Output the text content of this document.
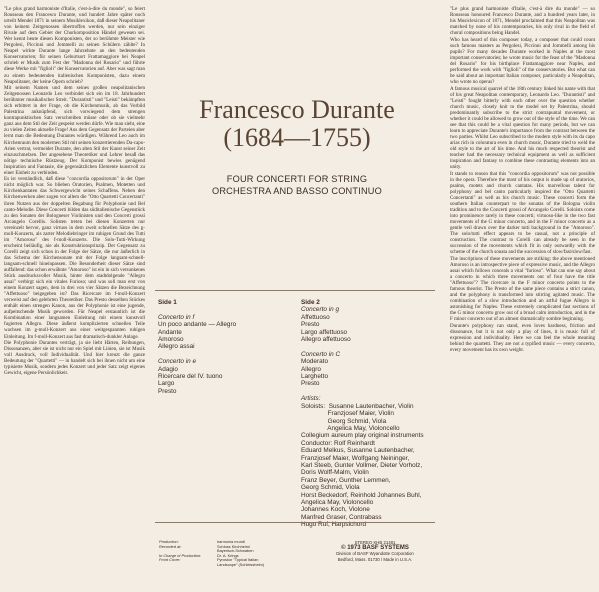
"Le plus grand harmoniste d'Italie, c'est-à-dire du monde", so feiert Rousseau den Francesco Durante, und hundert Jahre später noch urteilt Mendel 1871 in seinem Musiklexikon, daß dieser Neapolitaner von keinem Zeitgenossen übertroffen werden, nur sein einziger Rivale auf dem Gebiet der Chorkomposition Händel gewesen sei. Wer kennt heute diesen Komponisten, der so berühmte Meister wie Pergolesi, Piccinni und Jommelli zu seinen Schülern zählte? In Neapel wirkte Durante lange Jahrzehnte an den bedeutenden Konservatorien; für seinen Geburtsort Frattamaggiore bei Neapel schrieb er Musik zum Fest der "Madonna del Rosario" und führte diese Werke mit "figlioli" der Konservatorien auf. Aber was sagt man zu einem bedeutenden italienischen Komponisten, dazu einem Neapolitaner, der keine Opern schrieb?

Mit seinem Namen und dem seines großen neapolitanischen Zeitgenossen Leonardo Leo verbindet sich ein im 18. Jahrhundert berühmter musikalischer Streit. "Durantisti" und "Leisti" bekämpften sich erbittert in der Frage, ob die Kirchenmusik, ab das Vorbild Palestrina anknüpfend, sich vorwiegend dem strengen kontrapunktischen Satz verschreiben müsse oder ob sie vielmehr ganz aus dem Stil der Zeit gespeist werden dürfe. Wie man sieht, eine zu vielen Zeiten aktuelle Frage! Aus dem Gegensatz der Parteien aber lernt man die Bedeutung Durantes würdigen. Während Leo auch im Kirchenraum den modernen Stil mit seinen konzertierenden Da-capo-Arien vertrat, vermeidet Durante, den alten Stil der Kunst seiner Zeit einzuschmelzen. Der angesehene Theoretiker und Lehrer besaß das nötige technische Rüstzeug. Der Komponist bewies genügend Inspiration und Fantasie, die gegensätzlichen Elemente kunstvoll zu einer Einheit zu verbinden.

Es ist verständlich, daß diese "concordia oppositorum" in der Oper nicht möglich war. So blieben Oratorien, Psalmen, Motetten und Kirchenkantaten das Schwergewicht seines Schaffens. Neben den Kirchenwerken aber zogen vor allem die "Otto Quartetti Concertanti" ihren Nutzen aus der doppelten Begabung für Polyphonie und Bel canto-Melodie. Diese Concerti bilden das süditalienische Gegenstück zu den Sonaten der Bologneser Violinisten und den Concerti grossi Arcangelo Corellis. Solisten treten bei diesen Konzerten nur vereinzelt hervor, ganz virtuos in dem zweit schnellen Sätze des g-moll-Konzerts, als zarter Melodiebringer im ruhigen Grund des Tutti im "Amoroso" des f-moll-Konzerts. Die Solo-Tutti-Wirkung erscheint beiläufig, nie als Konstruktionsprinzip. Der Gegensatz zu Corelli zeigt sich schon in der Folge der Sätze, die nur äußerlich in das Schema der Kirchensonate mit der Folge langsam-schnell-langsam-schnell hineinpassen. Die Besonderheit dieser Sätze sind auffallend: das schon erwähnte "Amoroso" ist ein in sich versunkenes Stück ausdrucksvoller Musik, hinter dem stadtdolgende "Allegro assai" verbirgt sich ein vitales Furioso; und was soll man erst von einem Konzert sagen, dem in drei von vier Sätzen die Bezeichnung "Affettuoso" beigegeben ist? Das Ricercare im f-moll-Konzert verweist auf den gelehrten Theoretiker. Das Presto desselben Stückes enthält einen strengen Kanon, aus der Polyphonie ist eine jugende, aufpeitschende Musik geworden. Für Neapel erstaunlich ist die Kombination einer langsamen Einleitung mit einem kunstvoll fugierten Allegro. Diese äußerst komplizierten schnellen Teile wachsen im g-moll-Konzert aus einer weitgespannten ruhigen Einleitung. Im f-moll-Konzert aus fast dramatisch-dunkler Anlage.

Die Polyphonie Durantes verträgt, ja sie liebt Härten, Reibungen, Dissonanzen, aber sie ist nicht nur ein Spiel mit Linien, sie ist Musik voll Ausdruck, voll Individualität. Und hier kreuzt die ganze Bedeutung der "Quartetti" — in handelt sich bei ihnen nicht um eine typisierte Musik, sondern jedes Konzert und jeder Satz zeigt eigenes Gewicht, eigene Persönlichkeit.

Francesco Durante
(1684—1755)
FOUR CONCERTI FOR STRING
ORCHESTRA AND BASSO CONTINUO
Side 1

Concerto in f
Un poco andante — Allegro
Andante
Amoroso
Allegro assai

Concerto in e
Adagio
Ricercare del IV. tuono
Largo
Presto
Side 2
Concerto in g
Affettuoso
Presto
Largo affettuoso
Allegro affettuoso

Concerto in C
Moderato
Allegro
Larghetto
Presto

Artists:
Soloists:  Susanne Lautenbacher, Violin
Franzjosef Maier, Violin
Georg Schmid, Viola
Angelica May, Violoncello
Collegium aureum play original instruments
Conductor: Rolf Reinhardt
Eduard Melkus, Susanne Lautenbacher,
Franzjosef Maier, Wolfgang Neininger,
Karl Steeb, Gunter Vollmer, Dieter Vorholz,
Doris Wolff-Malm, Violin
Franz Beyer, Gunther Lemmen,
Georg Schmid, Viola
Horst Beckedorf, Reinhold Johannes Buhl,
Angelica May, Violoncello
Johannes Koch, Violone
Manfred Graser, Contrabass
Hugo Ruf, Harpsichord
Production:	harmonia mundi
Recorded at:	Schloss Kirchheim/
Bayerisch-Schwaben
In Charge of Production:	Dr. A. Krings
Front Cover:	Pyroskor "Typical Italian
Landscape" (Schleissheim)
STEREO KHB 21481
© 1973 BASF SYSTEMS
Division of BASF Wyandotte Corporation
Bedford, Mass. 01730 / Made in U.S.A.

"Le plus grand harmoniste d'Italie, c'est-à dire du monde" — so Rousseau honoured Francesco Durante, and a hundred years later, in his Musiclexicon of 1871, Mendel proclaimed that this Neapolitan was matched by none of his contemporaries, his only rival in the field of choral compositions being Handel.

Who has heard of this composer today, a composer that could count such famous masters as Pergolesi, Piccinni and Jommelli among his pupils? For many decades Durante worked in Naples at the most important conservatories; he wrote music for the feast of the "Madonna del Rosario" for his birthplace Frattamaggiore near Naples, and performed the work with "figlioli" of the conservatories. But what can be said about an important Italian composer, particularly a Neapolitan, who wrote no operas?

A famous musical quarrel of the 18th century linked his name with that of his great Neapolitan contemporary, Leonardo Leo. "Durantisti" and "Leisti" fought bitterly with each other over the question whether church music, closely knit to the model set by Palestrina, should predominantly subscribe to the strict contrapuntal movement, or whether it could be allowed to grow out of the style of the time. We can see that this could be a vital question for many periods, but we can learn to appreciate Durante's importance from the contrast between the two parties. Whilst Leo subscribed to the modern style with its da capo arias rich in coloratura even in church music, Durante tried to weld the old style to the art of his time. And his much respected theorist and teacher had the necessary technical equipment as well as sufficient inspiration and fantasy to combine these contrasting elements into an unity.

It stands to reason that this "concordia oppositorum" was not possible in the opera. Therefore the most of his output is made up of oratorios, psalms, motets and church cantatas. His marvellous talent for polyphony and bel canto particularly inspired the "Otto Quartetti Concertanti" as well as his church music. These concerti form the southern Italian counterpart to the sonatas of the Bologna violin tradition and to the Concerti grossi of Arcangelo Corelli. Soloists come into prominence rarely in these concerti; virtuoso-like in the two fast movements of the G minor concerto, and in the F minor concerto as a gentle veil drawn over the darker tutti background in the "Amoroso". The solo/tutti effect appears to be casual, not a principle of construction. The contrast to Corelli can already be seen in the succession of the movements which fit in only outwardly with the scheme of the church sonata and the succession of slow/fast/slow/fast.

The inscriptions of these movements are striking: the above mentioned Amoroso is an introspective piece of expressive music, and the Allegro assai which follows conceals a vital "furioso". What can one say about a concerto in which three movements out of four have the title "Affettuoso"? The ricercare in the F minor concerto points to the famous theorist. The Presto of the same piece contains a strict canon, and the polyphony is transformed into stirring agitated music. The combination of a slow introduction and an artful fugue Allegro is astonishing for Naples. These extremely complicated fast sections of the G minor concerto grow out of a broad calm introduction, and in the F minor concerto out of an almost dramatically sombre beginning.

Durante's polyphony can stand, even loves hardness, friction and dissonance, but it is not only a play of lines, it is music full of expression and individuality. Here we can feel the whole meaning behind the quartetti. They are not a typified music — every concerto, every movement has its own weight.
